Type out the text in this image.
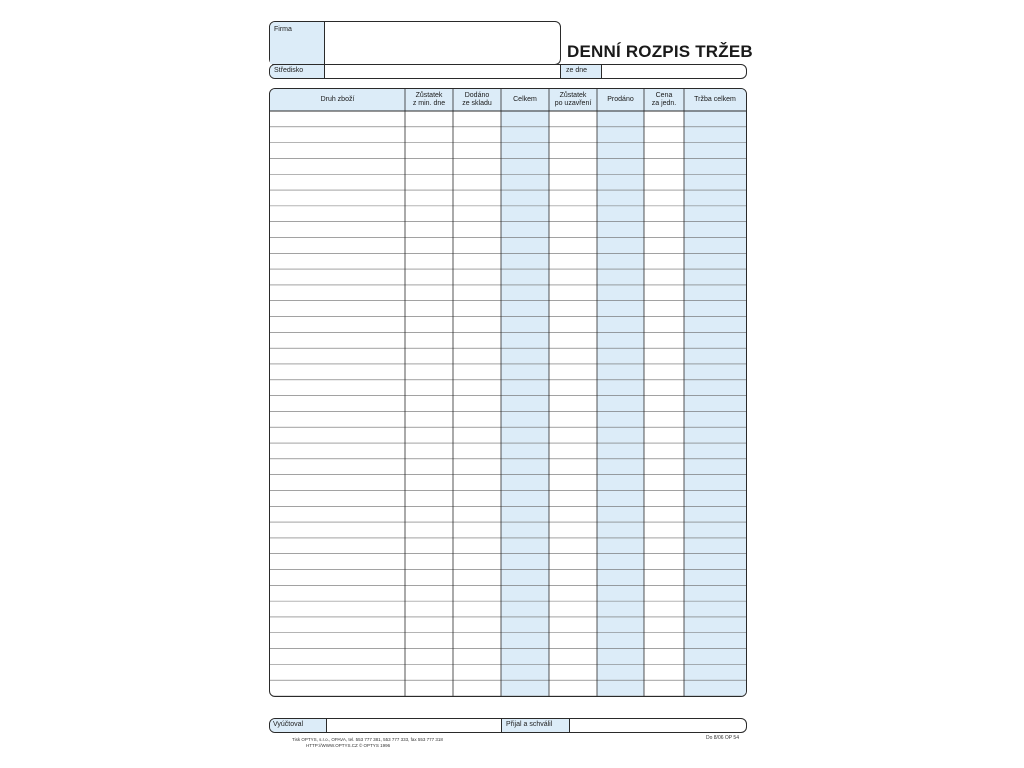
DENNÍ ROZPIS TRŽEB
Firma
Středisko	ze dne
Druh zboží
Zůstatek
z min. dne
Dodáno
ze skladu
Celkem
Zůstatek
po uzavření
Prodáno
Cena
za jedn.
Tržba celkem
Vyúčtoval	Přijal a schválil
Tisk OPTYS, s.r.o., OPAVA, tel. 553 777 381, 553 777 333, fax 553 777 318
HTTP://WWW.OPTYS.CZ © OPTYS 1996
Do 8/06 OP 54
